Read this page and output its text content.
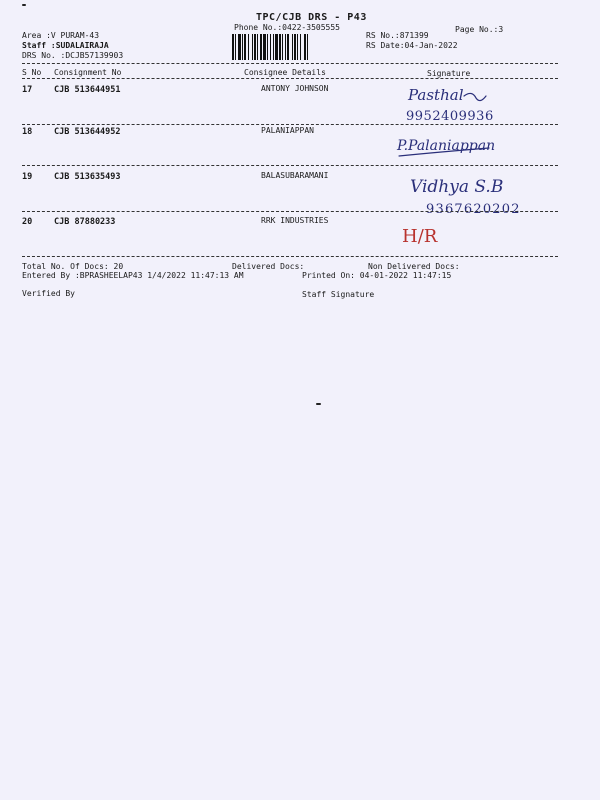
TPC/CJB DRS - P43
Phone No.:0422-3505555	Page No.:3
Area :V PURAM-43
Staff :SUDALAIRAJA
DRS No. :DCJB57139903
RS No.:871399
RS Date:04-Jan-2022
S No Consignment No	Consignee Details	Signature
17	CJB 513644951	ANTONY JOHNSON	Pasthal
9952409936
18	CJB 513644952	PALANIAPPAN
P.Palaniappan
19	CJB 513635493	BALASUBARAMANI
Vidhya S.B
9367620202
20	CJB 87880233	RRK INDUSTRIES
H/R
Total No. Of Docs: 20	Delivered Docs:	Non Delivered Docs:
Entered By :BPRASHEELAP43 1/4/2022 11:47:13 AM	Printed On: 04-01-2022 11:47:15
Verified By	Staff Signature
